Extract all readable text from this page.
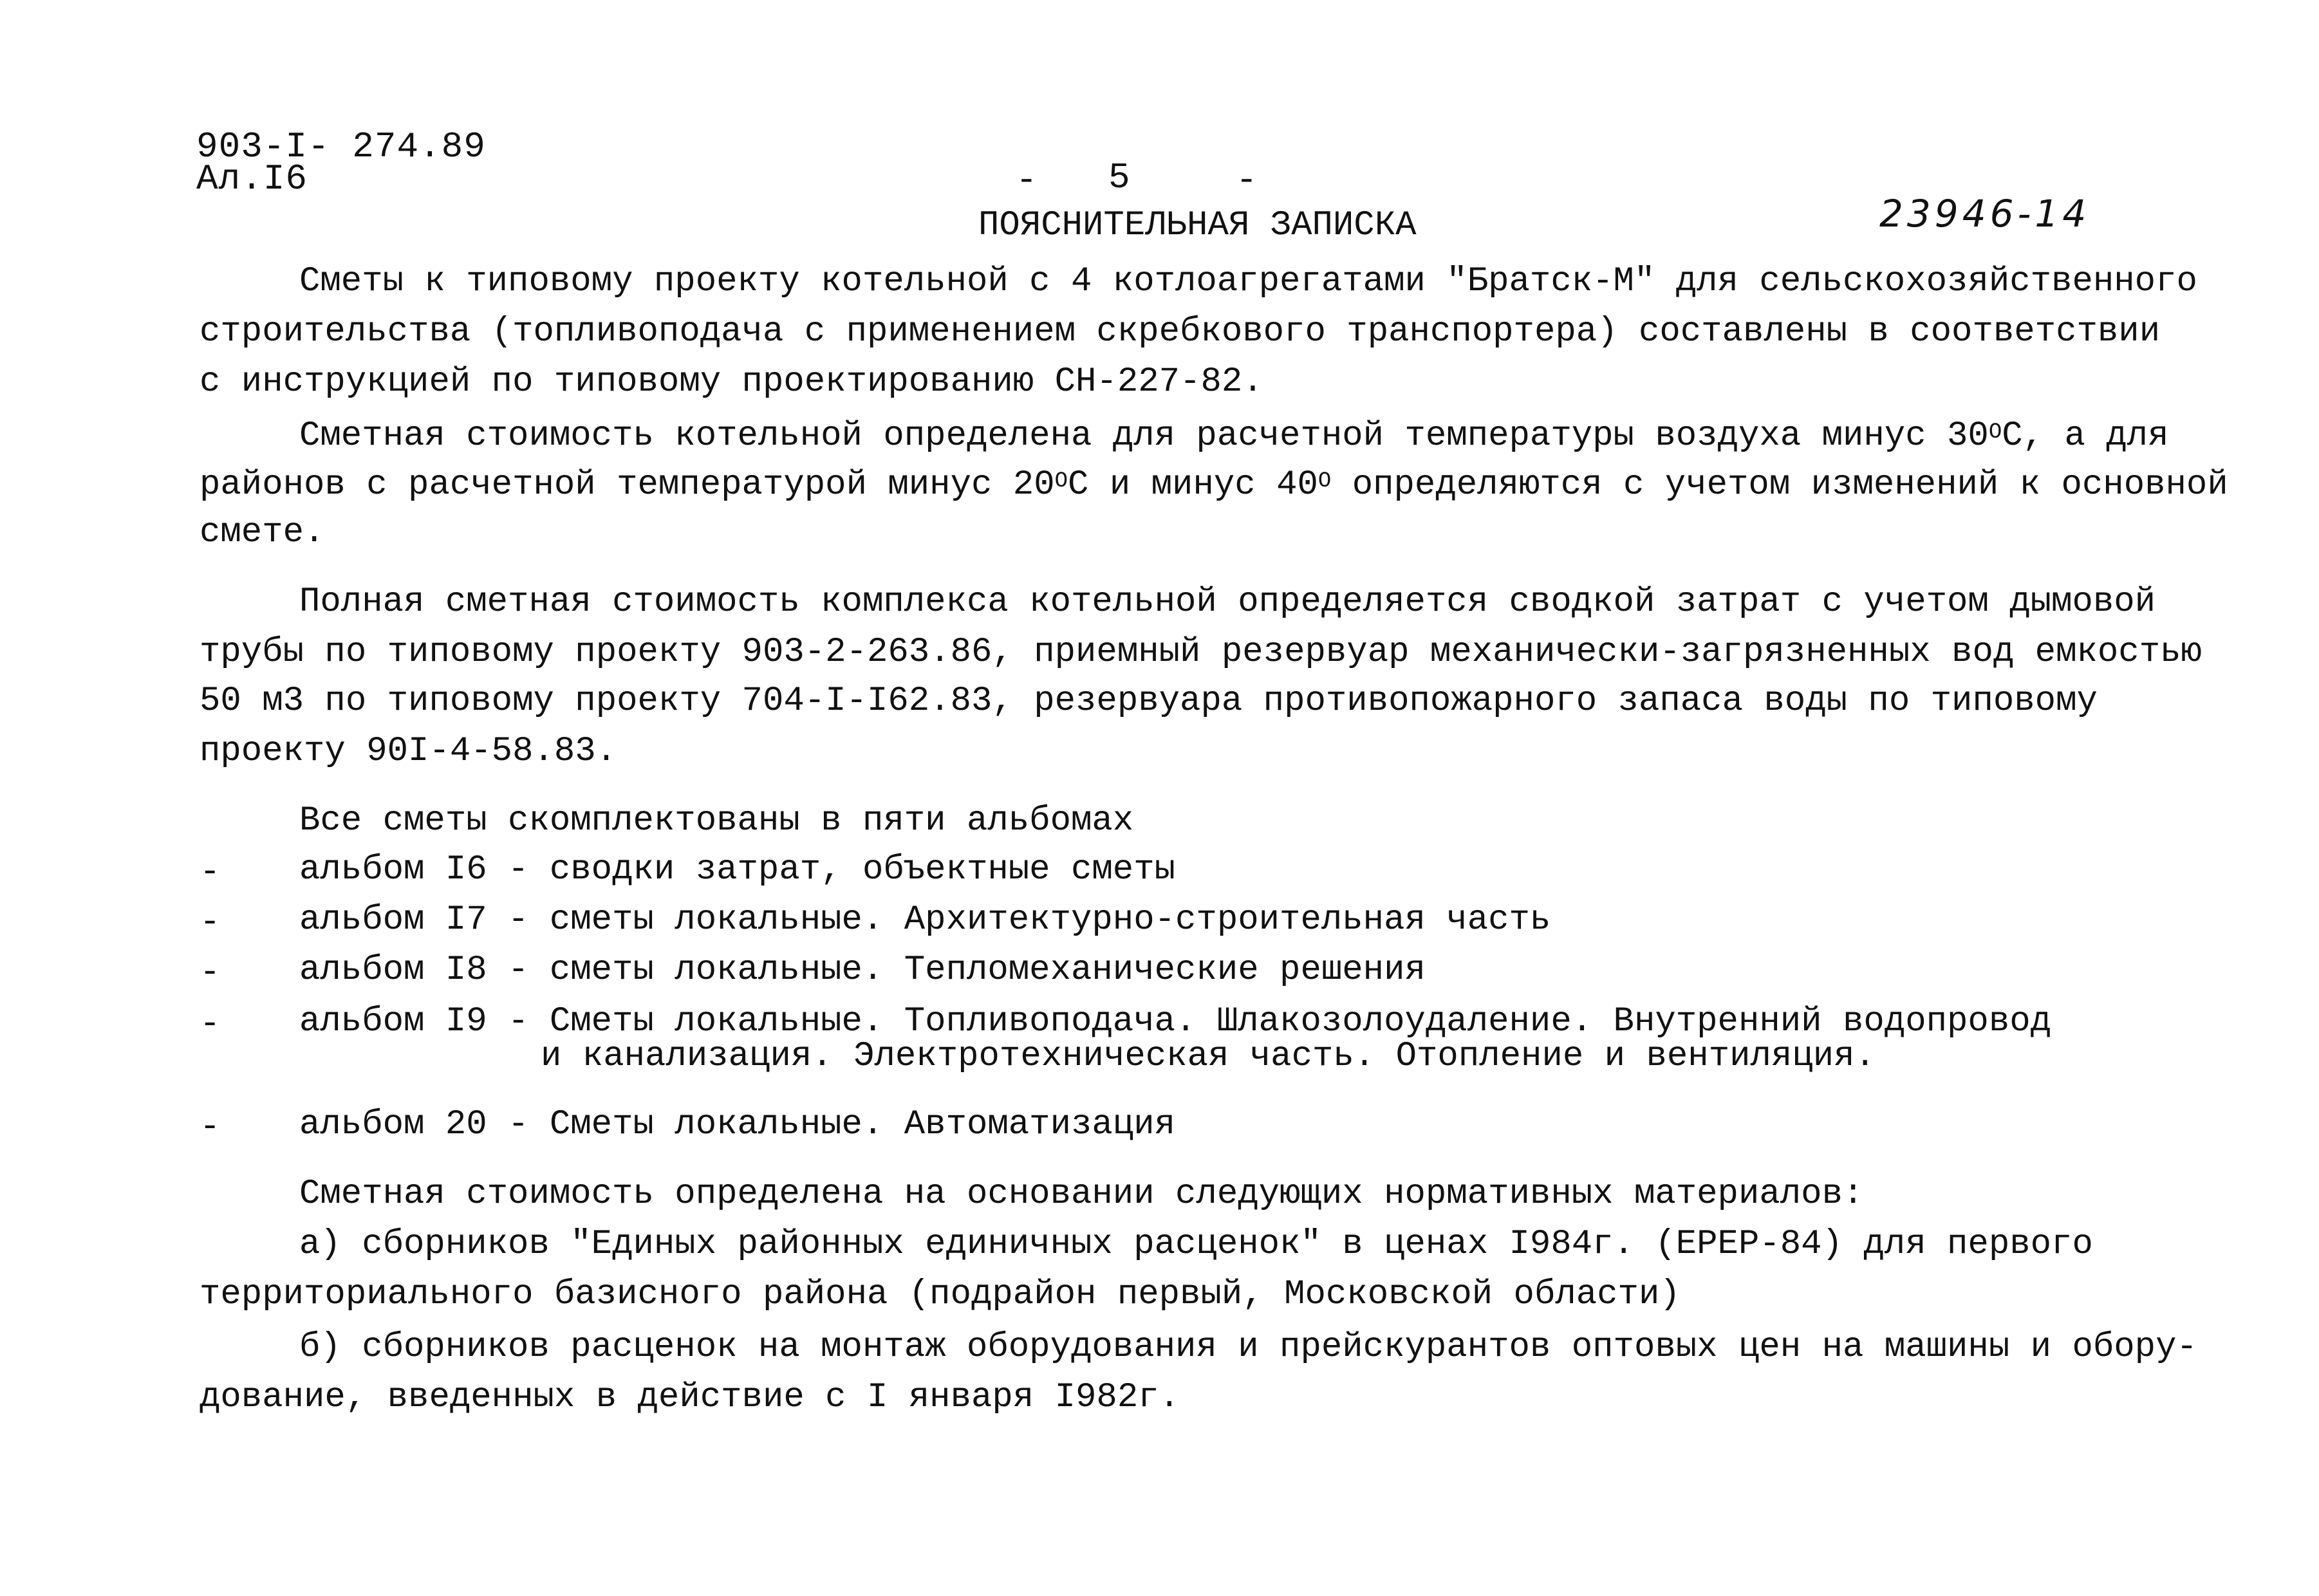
903-I- 274.89
Ал.I6	- 5	-
ПОЯСНИТЕЛЬНАЯ ЗАПИСКА	23946-14
Сметы к типовому проекту котельной с 4 котлоагрегатами "Братск-М" для сельскохозяйственного
строительства (топливоподача с применением скребкового транспортера) составлены в соответствии
с инструкцией по типовому проектированию СН-227-82.
Сметная стоимость котельной определена для расчетной температуры воздуха минус $30^OС$, а для
районов с расчетной температурой минус $20^OС$ и минус $40^O$ определяются с учетом изменений к основной
смете.
Полная сметная стоимость комплекса котельной определяется сводкой затрат с учетом дымовой
трубы по типовому проекту 903-2-263.86, приемный резервуар механически-загрязненных вод емкостью
50 м3 по типовому проекту 704-I-I62.83, резервуара противопожарного запаса воды по типовому
проекту 90I-4-58.83.
Все сметы скомплектованы в пяти альбомах
- альбом I6 - сводки затрат, объектные сметы
- альбом I7 - сметы локальные. Архитектурно-строительная часть
- альбом I8 - сметы локальные. Тепломеханические решения
- альбом I9 - Сметы локальные. Топливоподача. Шлакозолоудаление. Внутренний водопровод
и канализация. Электротехническая часть. Отопление и вентиляция.
- альбом 20 - Сметы локальные. Автоматизация
Сметная стоимость определена на основании следующих нормативных материалов:
а) сборников "Единых районных единичных расценок" в ценах I984г. (ЕРЕР-84) для первого
территориального базисного района (подрайон первый, Московской области)
б) сборников расценок на монтаж оборудования и прейскурантов оптовых цен на машины и обору-
дование, введенных в действие с I января I982г.
